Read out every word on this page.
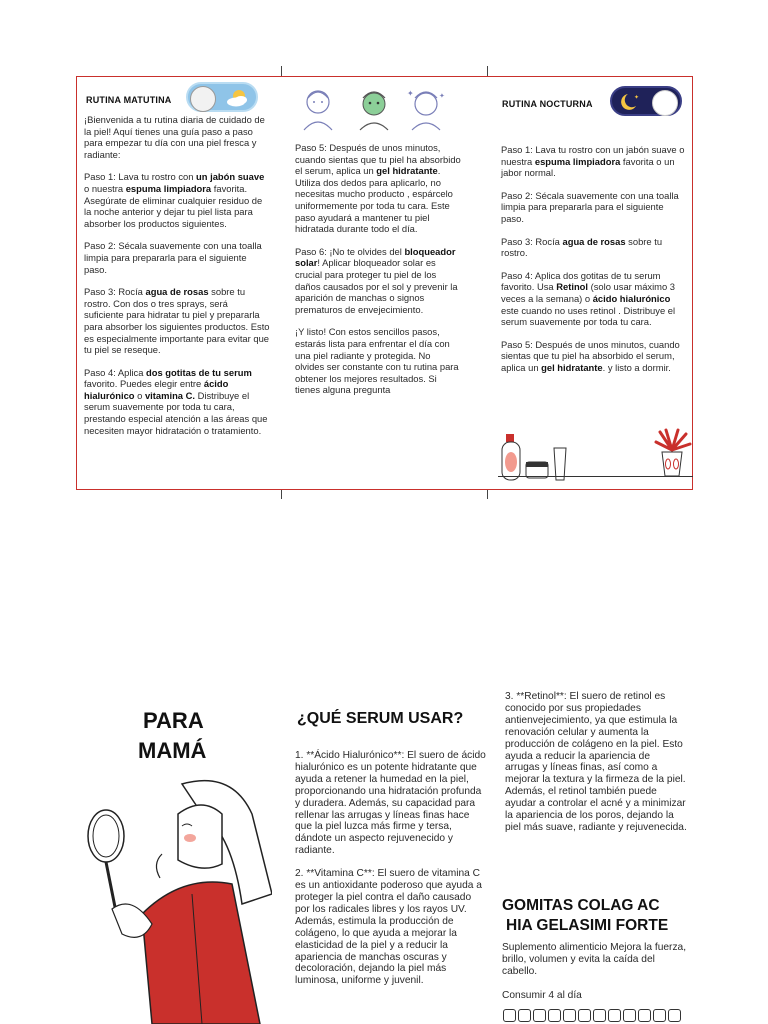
RUTINA MATUTINA

¡Bienvenida a tu rutina diaria de cuidado de la piel! Aquí tienes una guía paso a paso para empezar tu día con una piel fresca y radiante:

Paso 1: Lava tu rostro con un jabón suave o nuestra espuma limpiadora favorita. Asegúrate de eliminar cualquier residuo de la noche anterior y dejar tu piel lista para absorber los productos siguientes.

Paso 2: Sécala suavemente con una toalla limpia para prepararla para el siguiente paso.

Paso 3: Rocía agua de rosas sobre tu rostro. Con dos o tres sprays, será suficiente para hidratar tu piel y prepararla para absorber los siguientes productos. Esto es especialmente importante para evitar que tu piel se reseque.

Paso 4: Aplica dos gotitas de tu serum favorito. Puedes elegir entre ácido hialurónico o vitamina C. Distribuye el serum suavemente por toda tu cara, prestando especial atención a las áreas que necesiten mayor hidratación o tratamiento.

✦	✦

Paso 5: Después de unos minutos, cuando sientas que tu piel ha absorbido el serum, aplica un gel hidratante. Utiliza dos dedos para aplicarlo, no necesitas mucho producto , espárcelo uniformemente por toda tu cara. Este paso ayudará a mantener tu piel hidratada durante todo el día.

Paso 6: ¡No te olvides del bloqueador solar! Aplicar bloqueador solar es crucial para proteger tu piel de los daños causados por el sol y prevenir la aparición de manchas o signos prematuros de envejecimiento.

¡Y listo! Con estos sencillos pasos, estarás lista para enfrentar el día con una piel radiante y protegida. No olvides ser constante con tu rutina para obtener los mejores resultados. Si tienes alguna pregunta

RUTINA NOCTURNA
✦

Paso 1: Lava tu rostro con un jabón suave o nuestra espuma limpiadora favorita o un jabor normal.

Paso 2: Sécala suavemente con una toalla limpia para prepararla para el siguiente paso.

Paso 3: Rocía agua de rosas sobre tu rostro.

Paso 4: Aplica dos gotitas de tu serum favorito. Usa Retinol (solo usar máximo 3 veces a la semana) o ácido hialurónico este cuando no uses retinol . Distribuye el serum suavemente por toda tu cara.

Paso 5: Después de unos minutos, cuando sientas que tu piel ha absorbido el serum, aplica un gel hidratante. y listo a dormir.

PARA
MAMÁ
¿QUÉ SERUM USAR?

1. **Ácido Hialurónico**: El suero de ácido hialurónico es un potente hidratante que ayuda a retener la humedad en la piel, proporcionando una hidratación profunda y duradera. Además, su capacidad para rellenar las arrugas y líneas finas hace que la piel luzca más firme y tersa, dándote un aspecto rejuvenecido y radiante.

2. **Vitamina C**: El suero de vitamina C es un antioxidante poderoso que ayuda a proteger la piel contra el daño causado por los radicales libres y los rayos UV. Además, estimula la producción de colágeno, lo que ayuda a mejorar la elasticidad de la piel y a reducir la apariencia de manchas oscuras y decoloración, dejando la piel más luminosa, uniforme y juvenil.

3. **Retinol**: El suero de retinol es conocido por sus propiedades antienvejecimiento, ya que estimula la renovación celular y aumenta la producción de colágeno en la piel. Esto ayuda a reducir la apariencia de arrugas y líneas finas, así como a mejorar la textura y la firmeza de la piel. Además, el retinol también puede ayudar a controlar el acné y a minimizar la apariencia de los poros, dejando la piel más suave, radiante y rejuvenecida.
GOMITAS COLAG AC
HIA GELASIMI FORTE
Suplemento alimenticio Mejora la fuerza, brillo, volumen y evita la caída del cabello.
Consumir 4 al día
